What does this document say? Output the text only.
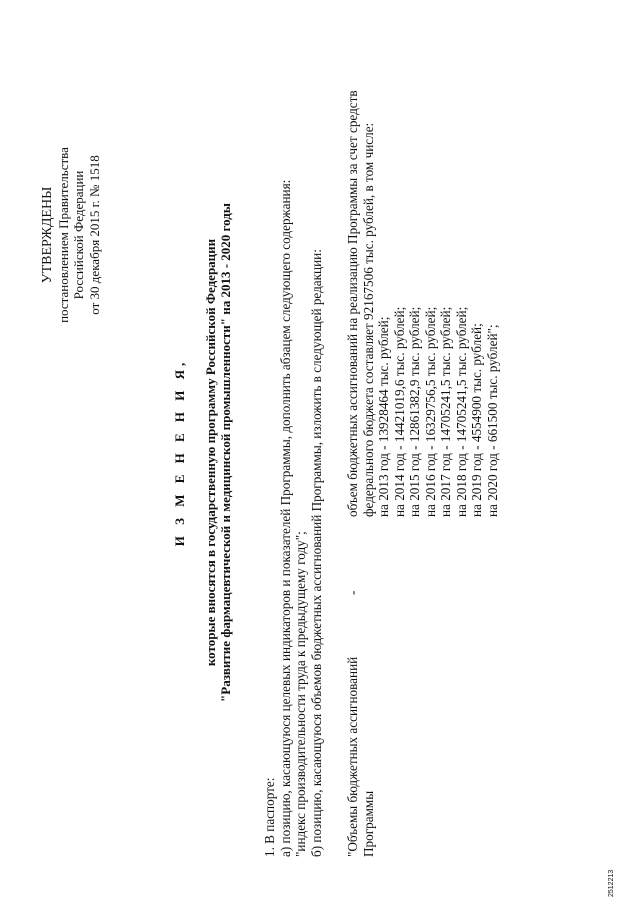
УТВЕРЖДЕНЫ постановлением Правительства Российской Федерации от 30 декабря 2015 г. № 1518
И З М Е Н Е Н И Я, которые вносятся в государственную программу Российской Федерации "Развитие фармацевтической и медицинской промышленности" на 2013 - 2020 годы

1. В паспорте: а) позицию, касающуюся целевых индикаторов и показателей Программы, дополнить абзацем следующего содержания: "индекс производительности труда к предыдущему году"; б) позицию, касающуюся объемов бюджетных ассигнований Программы, изложить в следующей редакции: "Объемы бюджетных ассигнований Программы
-
объем бюджетных ассигнований на реализацию Программы за счет средств федерального бюджета составляет 92167506 тыс. рублей, в том числе: на 2013 год - 13928464 тыс. рублей; на 2014 год - 14421019,6 тыс. рублей; на 2015 год - 12861382,9 тыс. рублей; на 2016 год - 16329756,5 тыс. рублей; на 2017 год - 14705241,5 тыс. рублей; на 2018 год - 14705241,5 тыс. рублей; на 2019 год - 4554900 тыс. рублей; на 2020 год - 661500 тыс. рублей";
2512213
